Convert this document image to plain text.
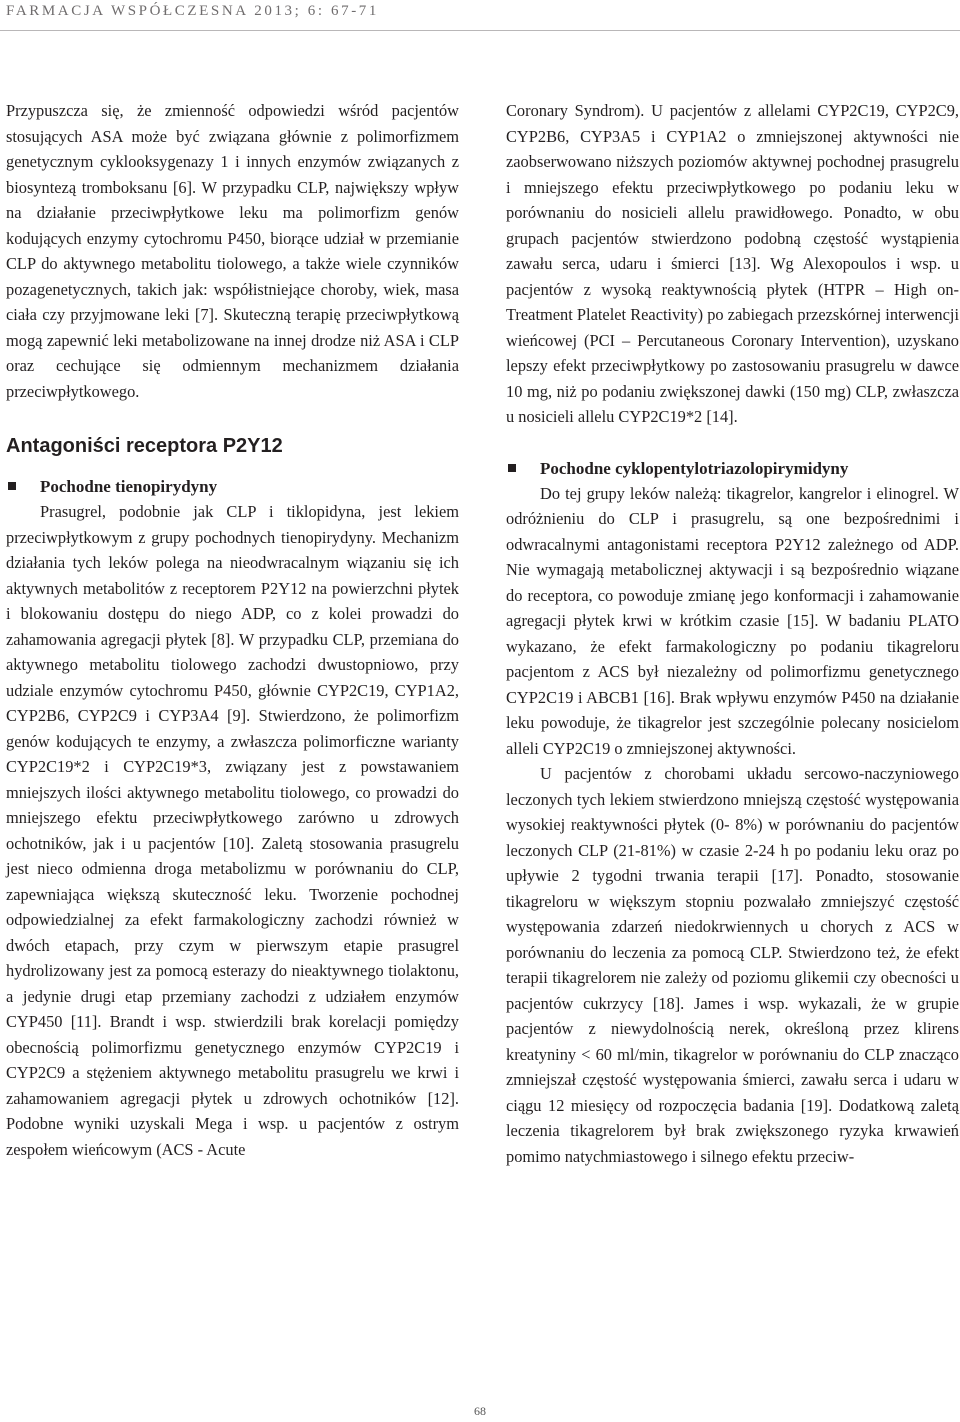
FARMACJA WSPÓŁCZESNA 2013; 6: 67-71

Przypuszcza się, że zmienność odpowiedzi wśród pacjentów stosujących ASA może być związana głównie z polimorfizmem genetycznym cyklooksygenazy 1 i innych enzymów związanych z biosyntezą tromboksanu [6]. W przypadku CLP, największy wpływ na działanie przeciwpłytkowe leku ma polimorfizm genów kodujących enzymy cytochromu P450, biorące udział w przemianie CLP do aktywnego metabolitu tiolowego, a także wiele czynników pozagenetycznych, takich jak: współistniejące choroby, wiek, masa ciała czy przyjmowane leki [7]. Skuteczną terapię przeciwpłytkową mogą zapewnić leki metabolizowane na innej drodze niż ASA i CLP oraz cechujące się odmiennym mechanizmem działania przeciwpłytkowego.

Antagoniści receptora P2Y12
Pochodne tienopirydyny

Prasugrel, podobnie jak CLP i tiklopidyna, jest lekiem przeciwpłytkowym z grupy pochodnych tienopirydyny. Mechanizm działania tych leków polega na nieodwracalnym wiązaniu się ich aktywnych metabolitów z receptorem P2Y12 na powierzchni płytek i blokowaniu dostępu do niego ADP, co z kolei prowadzi do zahamowania agregacji płytek [8]. W przypadku CLP, przemiana do aktywnego metabolitu tiolowego zachodzi dwustopniowo, przy udziale enzymów cytochromu P450, głównie CYP2C19, CYP1A2, CYP2B6, CYP2C9 i CYP3A4 [9]. Stwierdzono, że polimorfizm genów kodujących te enzymy, a zwłaszcza polimorficzne warianty CYP2C19*2 i CYP2C19*3, związany jest z powstawaniem mniejszych ilości aktywnego metabolitu tiolowego, co prowadzi do mniejszego efektu przeciwpłytkowego zarówno u zdrowych ochotników, jak i u pacjentów [10]. Zaletą stosowania prasugrelu jest nieco odmienna droga metabolizmu w porównaniu do CLP, zapewniająca większą skuteczność leku. Tworzenie pochodnej odpowiedzialnej za efekt farmakologiczny zachodzi również w dwóch etapach, przy czym w pierwszym etapie prasugrel hydrolizowany jest za pomocą esterazy do nieaktywnego tiolaktonu, a jedynie drugi etap przemiany zachodzi z udziałem enzymów CYP450 [11]. Brandt i wsp. stwierdzili brak korelacji pomiędzy obecnością polimorfizmu genetycznego enzymów CYP2C19 i CYP2C9 a stężeniem aktywnego metabolitu prasugrelu we krwi i zahamowaniem agregacji płytek u zdrowych ochotników [12]. Podobne wyniki uzyskali Mega i wsp. u pacjentów z ostrym zespołem wieńcowym (ACS - Acute

Coronary Syndrom). U pacjentów z allelami CYP2C19, CYP2C9, CYP2B6, CYP3A5 i CYP1A2 o zmniejszonej aktywności nie zaobserwowano niższych poziomów aktywnej pochodnej prasugrelu i mniejszego efektu przeciwpłytkowego po podaniu leku w porównaniu do nosicieli allelu prawidłowego. Ponadto, w obu grupach pacjentów stwierdzono podobną częstość wystąpienia zawału serca, udaru i śmierci [13]. Wg Alexopoulos i wsp. u pacjentów z wysoką reaktywnością płytek (HTPR – High on-Treatment Platelet Reactivity) po zabiegach przezskórnej interwencji wieńcowej (PCI – Percutaneous Coronary Intervention), uzyskano lepszy efekt przeciwpłytkowy po zastosowaniu prasugrelu w dawce 10 mg, niż po podaniu zwiększonej dawki (150 mg) CLP, zwłaszcza u nosicieli allelu CYP2C19*2 [14].

Pochodne cyklopentylotriazolopirymidyny

Do tej grupy leków należą: tikagrelor, kangrelor i elinogrel. W odróżnieniu do CLP i prasugrelu, są one bezpośrednimi i odwracalnymi antagonistami receptora P2Y12 zależnego od ADP. Nie wymagają metabolicznej aktywacji i są bezpośrednio wiązane do receptora, co powoduje zmianę jego konformacji i zahamowanie agregacji płytek krwi w krótkim czasie [15]. W badaniu PLATO wykazano, że efekt farmakologiczny po podaniu tikagreloru pacjentom z ACS był niezależny od polimorfizmu genetycznego CYP2C19 i ABCB1 [16]. Brak wpływu enzymów P450 na działanie leku powoduje, że tikagrelor jest szczególnie polecany nosicielom alleli CYP2C19 o zmniejszonej aktywności.

U pacjentów z chorobami układu sercowo-naczyniowego leczonych tych lekiem stwierdzono mniejszą częstość występowania wysokiej reaktywności płytek (0- 8%) w porównaniu do pacjentów leczonych CLP (21-81%) w czasie 2-24 h po podaniu leku oraz po upływie 2 tygodni trwania terapii [17]. Ponadto, stosowanie tikagreloru w większym stopniu pozwalało zmniejszyć częstość występowania zdarzeń niedokrwiennych u chorych z ACS w porównaniu do leczenia za pomocą CLP. Stwierdzono też, że efekt terapii tikagrelorem nie zależy od poziomu glikemii czy obecności u pacjentów cukrzycy [18]. James i wsp. wykazali, że w grupie pacjentów z niewydolnością nerek, określoną przez klirens kreatyniny < 60 ml/min, tikagrelor w porównaniu do CLP znacząco zmniejszał częstość występowania śmierci, zawału serca i udaru w ciągu 12 miesięcy od rozpoczęcia badania [19]. Dodatkową zaletą leczenia tikagrelorem był brak zwiększonego ryzyka krwawień pomimo natychmiastowego i silnego efektu przeciw-

68
